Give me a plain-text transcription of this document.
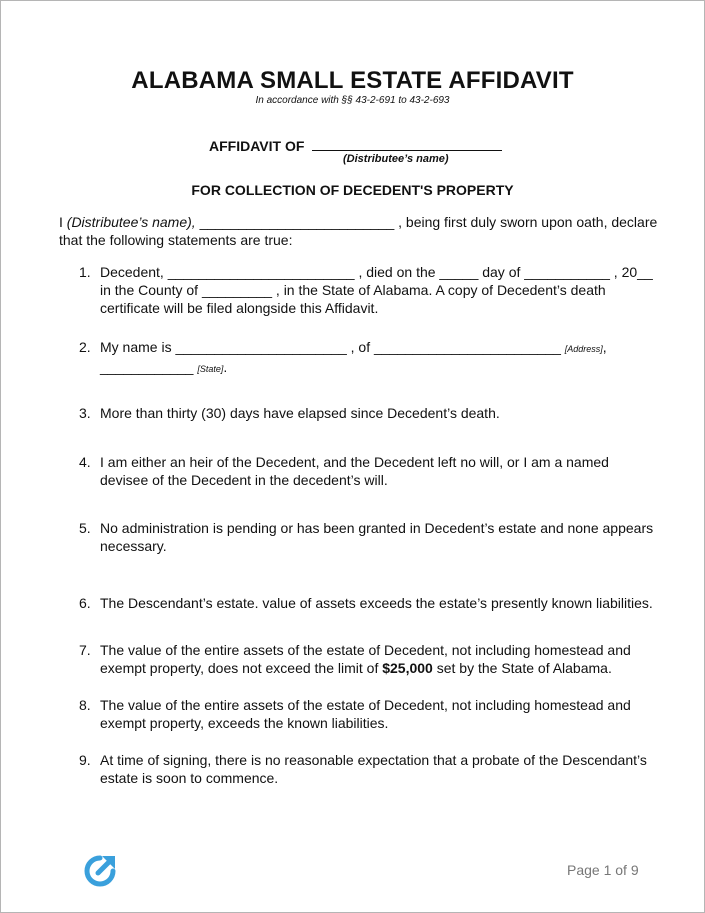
ALABAMA SMALL ESTATE AFFIDAVIT
In accordance with §§ 43-2-691 to 43-2-693
AFFIDAVIT OF
(Distributee’s name)
FOR COLLECTION OF DECEDENT'S PROPERTY
I (Distributee’s name), _________________________ , being first duly sworn upon oath, declare that the following statements are true:
1. Decedent, ________________________ , died on the _____ day of ___________ , 20__ in the County of _________ , in the State of Alabama. A copy of Decedent’s death certificate will be filed alongside this Affidavit.
2. My name is ______________________ , of ________________________ [Address],
____________ [State].
3. More than thirty (30) days have elapsed since Decedent’s death.
4. I am either an heir of the Decedent, and the Decedent left no will, or I am a named devisee of the Decedent in the decedent’s will.
5. No administration is pending or has been granted in Decedent’s estate and none appears necessary.
6. The Descendant’s estate. value of assets exceeds the estate’s presently known liabilities.
7. The value of the entire assets of the estate of Decedent, not including homestead and exempt property, does not exceed the limit of $25,000 set by the State of Alabama.
8. The value of the entire assets of the estate of Decedent, not including homestead and exempt property, exceeds the known liabilities.
9. At time of signing, there is no reasonable expectation that a probate of the Descendant’s estate is soon to commence.
Page 1 of 9
